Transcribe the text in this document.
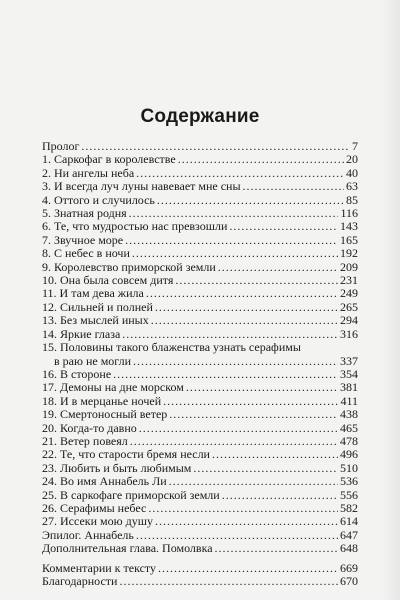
Содержание
Пролог . . .	7
1. Саркофаг в королевстве . . .	20
2. Ни ангелы неба . . .	40
3. И всегда луч луны навевает мне сны . . .	63
4. Оттого и случилось . . .	85
5. Знатная родня . . .	116
6. Те, что мудростью нас превзошли . . .	143
7. Звучное море . . .	165
8. С небес в ночи . . .	192
9. Королевство приморской земли . . .	209
10. Она была совсем дитя . . .	231
11. И там дева жила . . .	249
12. Сильней и полней . . .	265
13. Без мыслей иных . . .	294
14. Яркие глаза . . .	316
15. Половины такого блаженства узнать серафимы
в раю не могли . . .	337
16. В стороне . . .	354
17. Демоны на дне морском . . .	381
18. И в мерцанье ночей . . .	411
19. Смертоносный ветер . . .	438
20. Когда-то давно . . .	465
21. Ветер повеял . . .	478
22. Те, что старости бремя несли . . .	496
23. Любить и быть любимым . . .	510
24. Во имя Аннабель Ли . . .	536
25. В саркофаге приморской земли . . .	556
26. Серафимы небес . . .	582
27. Иссеки мою душу . . .	614
Эпилог. Аннабель . . .	647
Дополнительная глава. Помолвка . . .	648
Комментарии к тексту . . .	669
Благодарности . . .	670
